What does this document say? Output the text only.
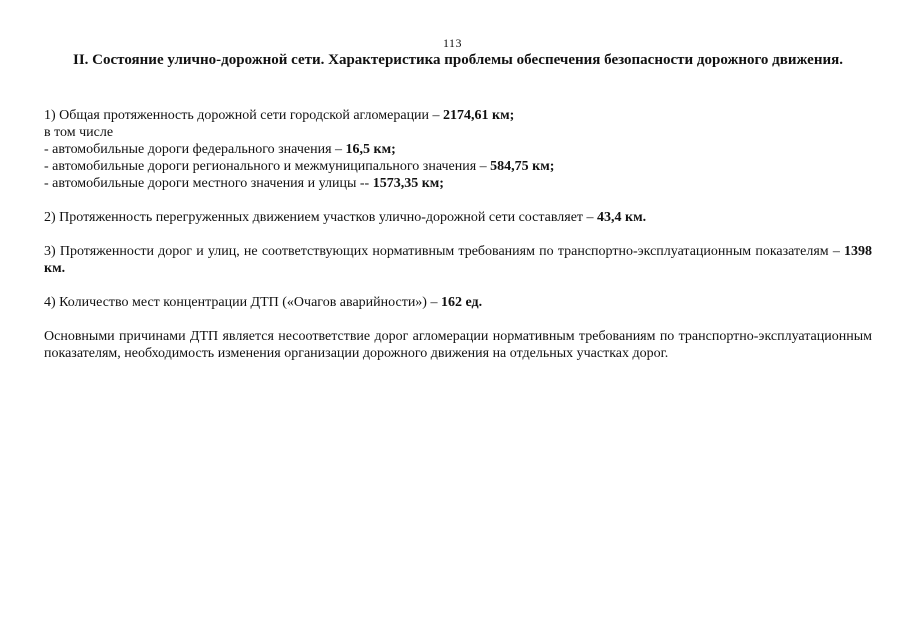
113
II. Состояние улично-дорожной сети. Характеристика проблемы обеспечения безопасности дорожного движения.
1) Общая протяженность дорожной сети городской агломерации – 2174,61 км;
в том числе
- автомобильные дороги федерального значения – 16,5 км;
- автомобильные дороги регионального и межмуниципального значения – 584,75 км;
- автомобильные дороги местного значения и улицы -- 1573,35 км;
2) Протяженность перегруженных движением участков улично-дорожной сети составляет – 43,4 км.
3) Протяженности дорог и улиц, не соответствующих нормативным требованиям по транспортно-эксплуатационным показателям – 1398 км.
4) Количество мест концентрации ДТП («Очагов аварийности») – 162 ед.
Основными причинами ДТП является несоответствие дорог агломерации нормативным требованиям по транспортно-эксплуатационным показателям, необходимость изменения организации дорожного движения на отдельных участках дорог.
